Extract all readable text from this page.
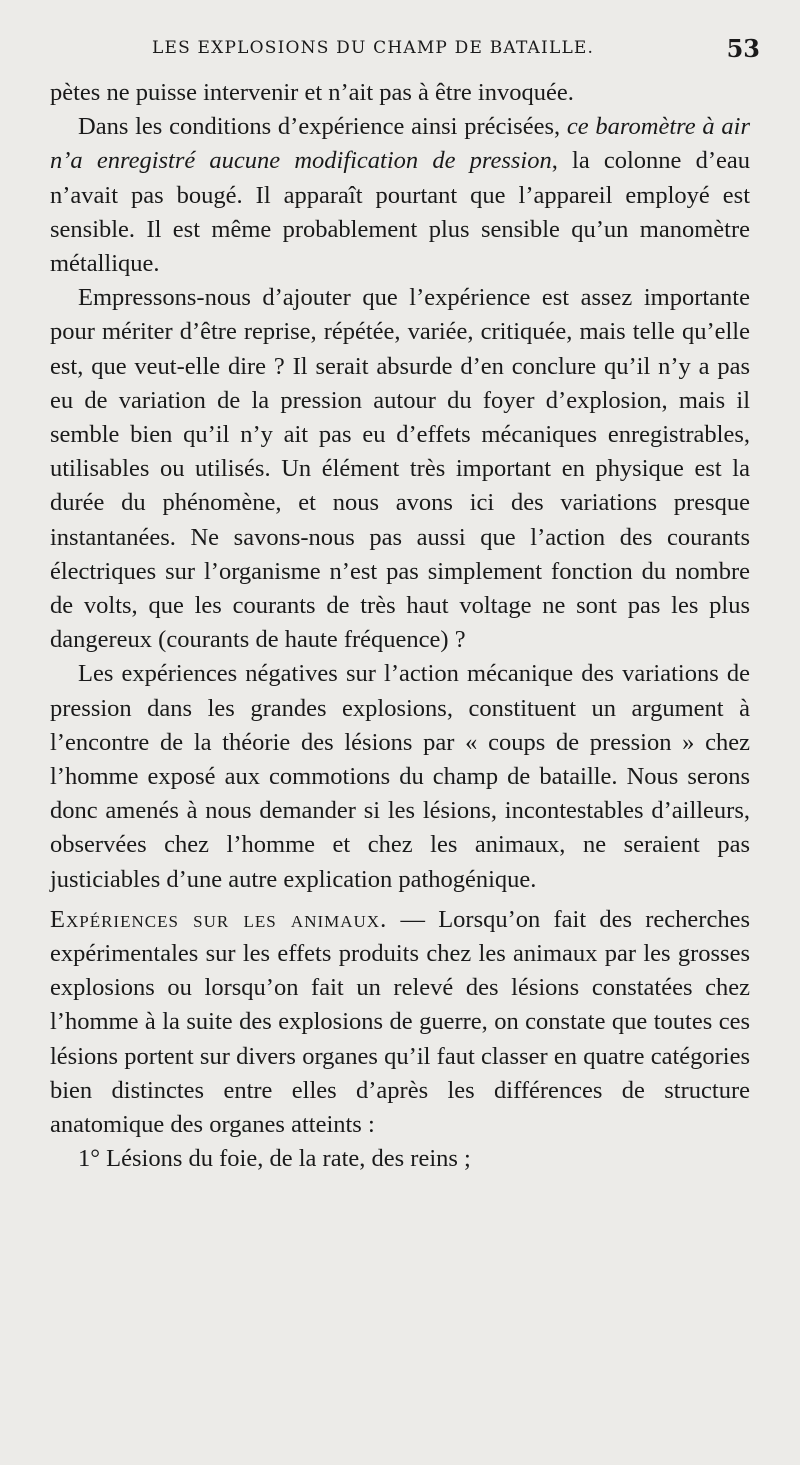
LES EXPLOSIONS DU CHAMP DE BATAILLE.	53

pètes ne puisse intervenir et n’ait pas à être invoquée.

Dans les conditions d’expérience ainsi précisées, ce baromètre à air n’a enregistré aucune modification de pression, la colonne d’eau n’avait pas bougé. Il apparaît pourtant que l’appareil employé est sensible. Il est même probablement plus sensible qu’un manomètre métallique.

Empressons-nous d’ajouter que l’expérience est assez importante pour mériter d’être reprise, répétée, variée, critiquée, mais telle qu’elle est, que veut-elle dire ? Il serait absurde d’en conclure qu’il n’y a pas eu de variation de la pression autour du foyer d’explosion, mais il semble bien qu’il n’y ait pas eu d’effets mécaniques enregistrables, utilisables ou utilisés. Un élément très important en physique est la durée du phénomène, et nous avons ici des variations presque instantanées. Ne savons-nous pas aussi que l’action des courants électriques sur l’organisme n’est pas simplement fonction du nombre de volts, que les courants de très haut voltage ne sont pas les plus dangereux (courants de haute fréquence) ?

Les expériences négatives sur l’action mécanique des variations de pression dans les grandes explosions, constituent un argument à l’encontre de la théorie des lésions par « coups de pression » chez l’homme exposé aux commotions du champ de bataille. Nous serons donc amenés à nous demander si les lésions, incontestables d’ailleurs, observées chez l’homme et chez les animaux, ne seraient pas justiciables d’une autre explication pathogénique.

Expériences sur les animaux. — Lorsqu’on fait des recherches expérimentales sur les effets produits chez les animaux par les grosses explosions ou lorsqu’on fait un relevé des lésions constatées chez l’homme à la suite des explosions de guerre, on constate que toutes ces lésions portent sur divers organes qu’il faut classer en quatre catégories bien distinctes entre elles d’après les différences de structure anatomique des organes atteints :

1° Lésions du foie, de la rate, des reins ;
